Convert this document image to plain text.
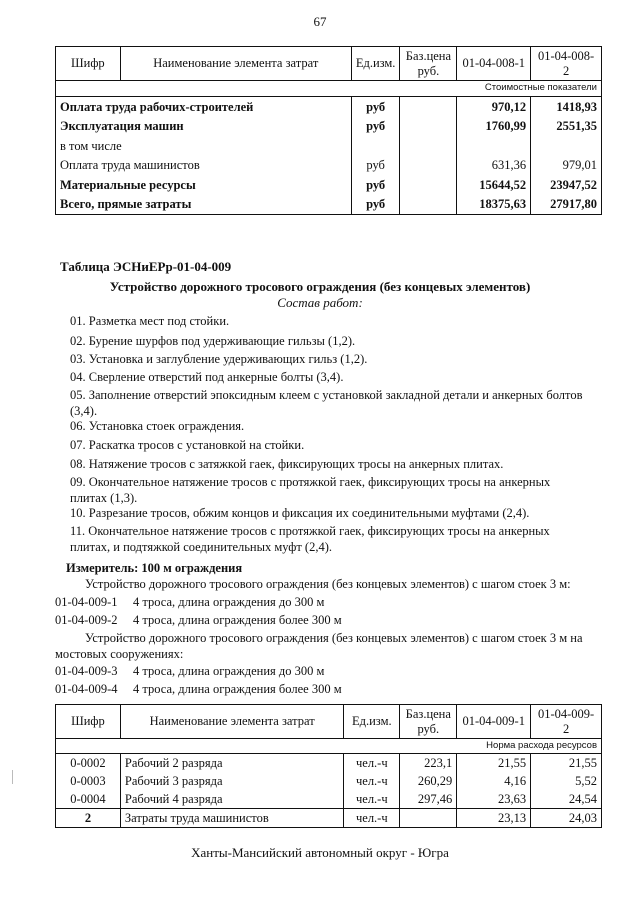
67
Шифр	Наименование элемента затрат	Ед.изм.	Баз.цена руб.	01-04-008-1	01-04-008-2
Стоимостные показатели					
Оплата труда рабочих-строителей		руб		970,12	1418,93
Эксплуатация машин		руб		1760,99	2551,35
в том числе					
Оплата труда машинистов		руб		631,36	979,01
Материальные ресурсы		руб		15644,52	23947,52
Всего, прямые затраты		руб		18375,63	27917,80
Таблица ЭСНиЕРр-01-04-009
Устройство дорожного тросового ограждения (без концевых элементов)
Состав работ:
01. Разметка мест под стойки.
02. Бурение шурфов под удерживающие гильзы (1,2).
03. Установка и заглубление удерживающих гильз (1,2).
04. Сверление отверстий под анкерные болты (3,4).
05. Заполнение отверстий эпоксидным клеем с установкой закладной детали и анкерных болтов (3,4).
06. Установка стоек ограждения.
07. Раскатка тросов с установкой на стойки.
08. Натяжение тросов с затяжкой гаек, фиксирующих тросы на анкерных плитах.
09. Окончательное натяжение тросов с протяжкой гаек, фиксирующих тросы на анкерных плитах (1,3).
10. Разрезание тросов, обжим концов и фиксация их соединительными муфтами (2,4).
11. Окончательное натяжение тросов с протяжкой гаек, фиксирующих тросы на анкерных плитах, и подтяжкой соединительных муфт (2,4).
Измеритель: 100 м ограждения
Устройство дорожного тросового ограждения (без концевых элементов) с шагом стоек 3 м:
01-04-009-1 4 троса, длина ограждения до 300 м
01-04-009-2 4 троса, длина ограждения более 300 м
Устройство дорожного тросового ограждения (без концевых элементов) с шагом стоек 3 м на мостовых сооружениях:
01-04-009-3 4 троса, длина ограждения до 300 м
01-04-009-4 4 троса, длина ограждения более 300 м
Шифр	Наименование элемента затрат	Ед.изм.	Баз.цена руб.	01-04-009-1	01-04-009-2
Норма расхода ресурсов					
0-0002	Рабочий 2 разряда	чел.-ч	223,1	21,55	21,55
0-0003	Рабочий 3 разряда	чел.-ч	260,29	4,16	5,52
0-0004	Рабочий 4 разряда	чел.-ч	297,46	23,63	24,54
2	Затраты труда машинистов	чел.-ч		23,13	24,03
Ханты-Мансийский автономный округ - Югра
